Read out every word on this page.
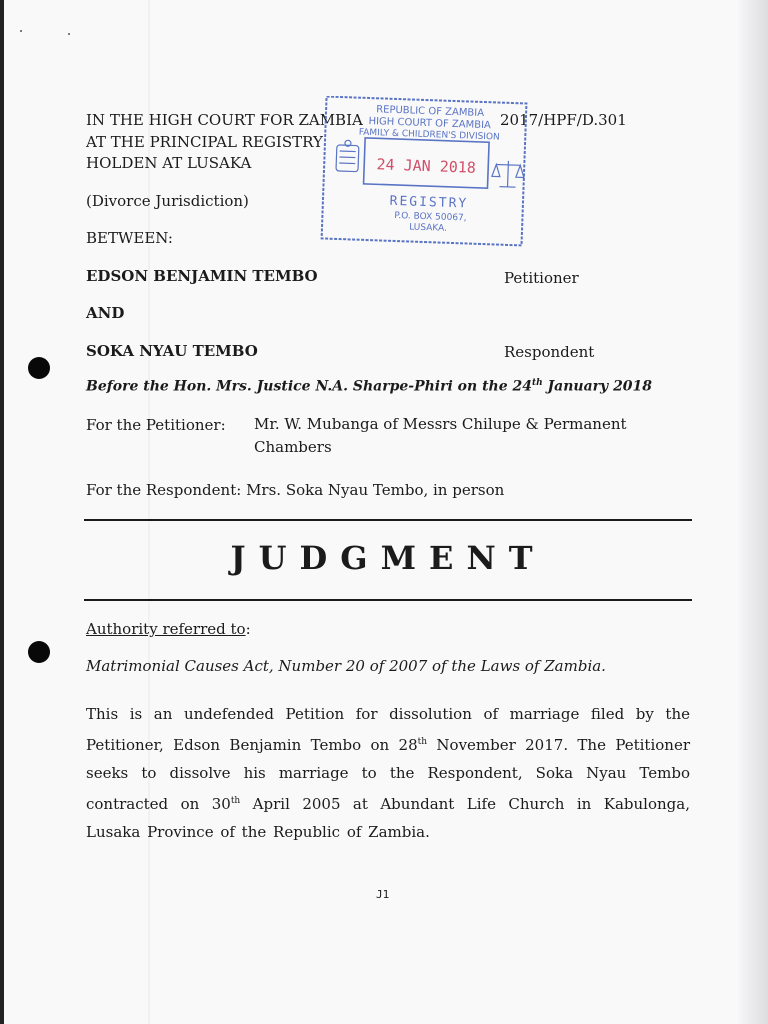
IN THE HIGH COURT FOR ZAMBIA
AT THE PRINCIPAL REGISTRY
HOLDEN AT LUSAKA
2017/HPF/D.301
(Divorce Jurisdiction)
REPUBLIC OF ZAMBIA
HIGH COURT OF ZAMBIA
FAMILY & CHILDREN'S DIVISION
24 JAN 2018
REGISTRY
P.O. BOX 50067,
LUSAKA.
BETWEEN:
EDSON BENJAMIN TEMBO	Petitioner
AND
SOKA NYAU TEMBO	Respondent
Before the Hon. Mrs. Justice N.A. Sharpe-Phiri on the 24th January 2018
For the Petitioner: Mr. W. Mubanga of Messrs Chilupe & Permanent Chambers
For the Respondent: Mrs. Soka Nyau Tembo, in person
JUDGMENT
Authority referred to:
Matrimonial Causes Act, Number 20 of 2007 of the Laws of Zambia.
This is an undefended Petition for dissolution of marriage filed by the Petitioner, Edson Benjamin Tembo on 28th November 2017. The Petitioner seeks to dissolve his marriage to the Respondent, Soka Nyau Tembo contracted on 30th April 2005 at Abundant Life Church in Kabulonga, Lusaka Province of the Republic of Zambia.
J1
